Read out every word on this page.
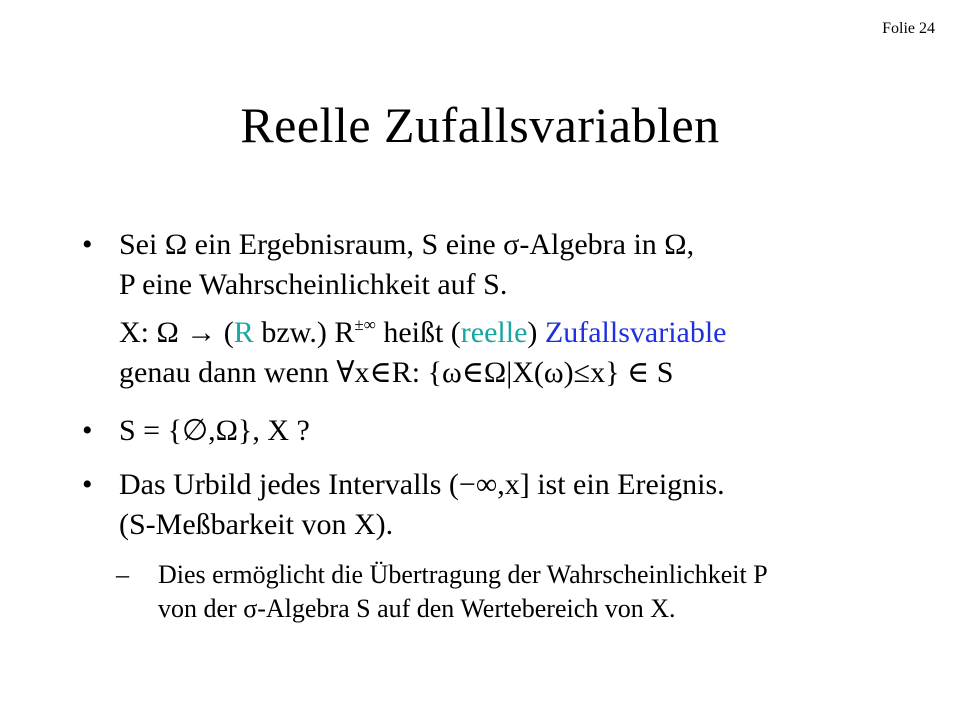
Folie 24
Reelle Zufallsvariablen
• Sei Ω ein Ergebnisraum, S eine σ-Algebra in Ω,
P eine Wahrscheinlichkeit auf S.
X: Ω → (R bzw.) R±∞ heißt (reelle) Zufallsvariable
genau dann wenn ∀x∈R: {ω∈Ω|X(ω)≤x} ∈ S
• S = {∅,Ω}, X ?
• Das Urbild jedes Intervalls (−∞,x] ist ein Ereignis.
(S-Meßbarkeit von X).
– Dies ermöglicht die Übertragung der Wahrscheinlichkeit P
von der σ-Algebra S auf den Wertebereich von X.
